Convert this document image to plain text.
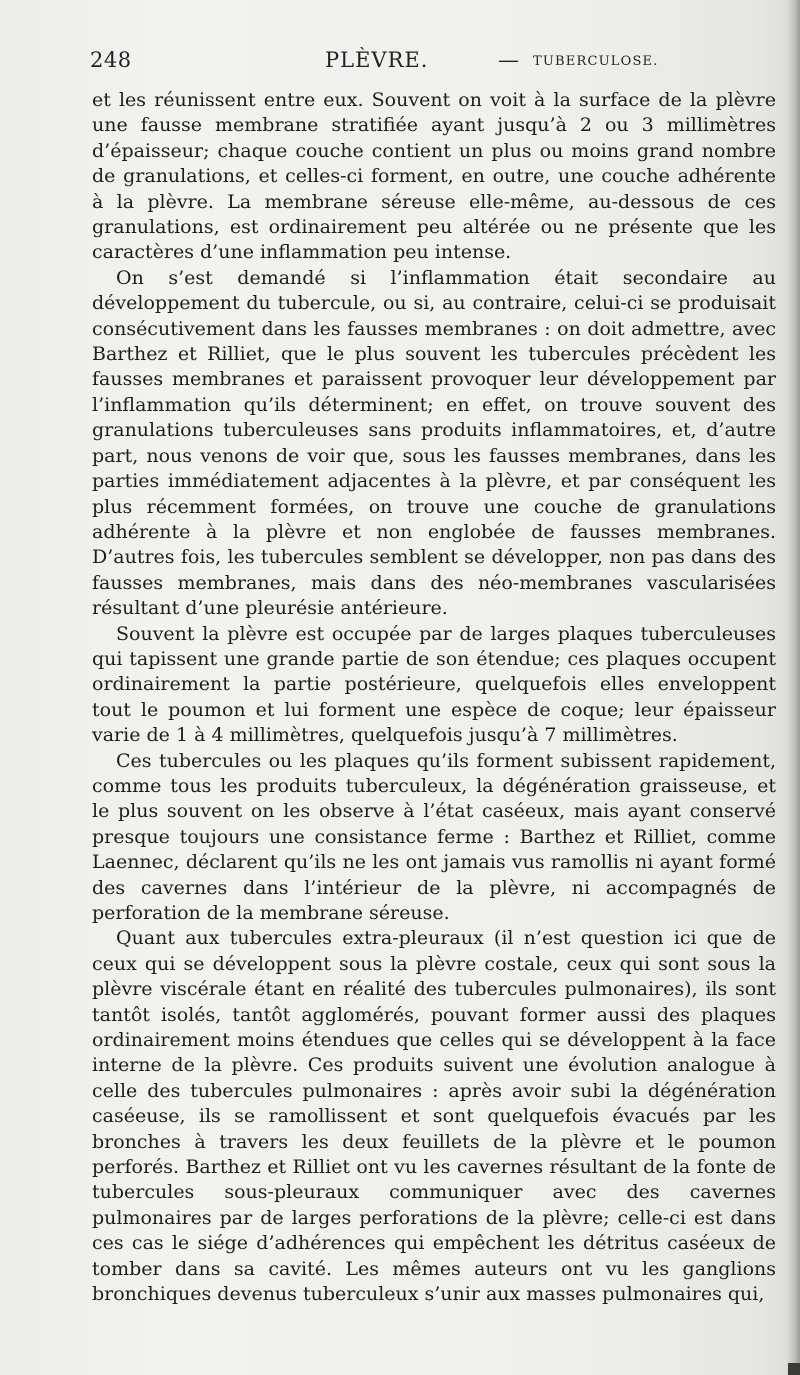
248	PLÈVRE.	— TUBERCULOSE.

et les réunissent entre eux. Souvent on voit à la surface de la plèvre une fausse membrane stratifiée ayant jusqu’à 2 ou 3 millimètres d’épaisseur; chaque couche contient un plus ou moins grand nombre de granulations, et celles-ci forment, en outre, une couche adhérente à la plèvre. La membrane séreuse elle-même, au-dessous de ces granulations, est ordinairement peu altérée ou ne présente que les caractères d’une inflammation peu intense.

On s’est demandé si l’inflammation était secondaire au développement du tubercule, ou si, au contraire, celui-ci se produisait consécutivement dans les fausses membranes : on doit admettre, avec Barthez et Rilliet, que le plus souvent les tubercules précèdent les fausses membranes et paraissent provoquer leur développement par l’inflammation qu’ils déterminent; en effet, on trouve souvent des granulations tuberculeuses sans produits inflammatoires, et, d’autre part, nous venons de voir que, sous les fausses membranes, dans les parties immédiatement adjacentes à la plèvre, et par conséquent les plus récemment formées, on trouve une couche de granulations adhérente à la plèvre et non englobée de fausses membranes. D’autres fois, les tubercules semblent se développer, non pas dans des fausses membranes, mais dans des néo-membranes vascularisées résultant d’une pleurésie antérieure.

Souvent la plèvre est occupée par de larges plaques tuberculeuses qui tapissent une grande partie de son étendue; ces plaques occupent ordinairement la partie postérieure, quelquefois elles enveloppent tout le poumon et lui forment une espèce de coque; leur épaisseur varie de 1 à 4 millimètres, quelquefois jusqu’à 7 millimètres.

Ces tubercules ou les plaques qu’ils forment subissent rapidement, comme tous les produits tuberculeux, la dégénération graisseuse, et le plus souvent on les observe à l’état caséeux, mais ayant conservé presque toujours une consistance ferme : Barthez et Rilliet, comme Laennec, déclarent qu’ils ne les ont jamais vus ramollis ni ayant formé des cavernes dans l’intérieur de la plèvre, ni accompagnés de perforation de la membrane séreuse.

Quant aux tubercules extra-pleuraux (il n’est question ici que de ceux qui se développent sous la plèvre costale, ceux qui sont sous la plèvre viscérale étant en réalité des tubercules pulmonaires), ils sont tantôt isolés, tantôt agglomérés, pouvant former aussi des plaques ordinairement moins étendues que celles qui se développent à la face interne de la plèvre. Ces produits suivent une évolution analogue à celle des tubercules pulmonaires : après avoir subi la dégénération caséeuse, ils se ramollissent et sont quelquefois évacués par les bronches à travers les deux feuillets de la plèvre et le poumon perforés. Barthez et Rilliet ont vu les cavernes résultant de la fonte de tubercules sous-pleuraux communiquer avec des cavernes pulmonaires par de larges perforations de la plèvre; celle-ci est dans ces cas le siége d’adhérences qui empêchent les détritus caséeux de tomber dans sa cavité. Les mêmes auteurs ont vu les ganglions bronchiques devenus tuberculeux s’unir aux masses pulmonaires qui,
